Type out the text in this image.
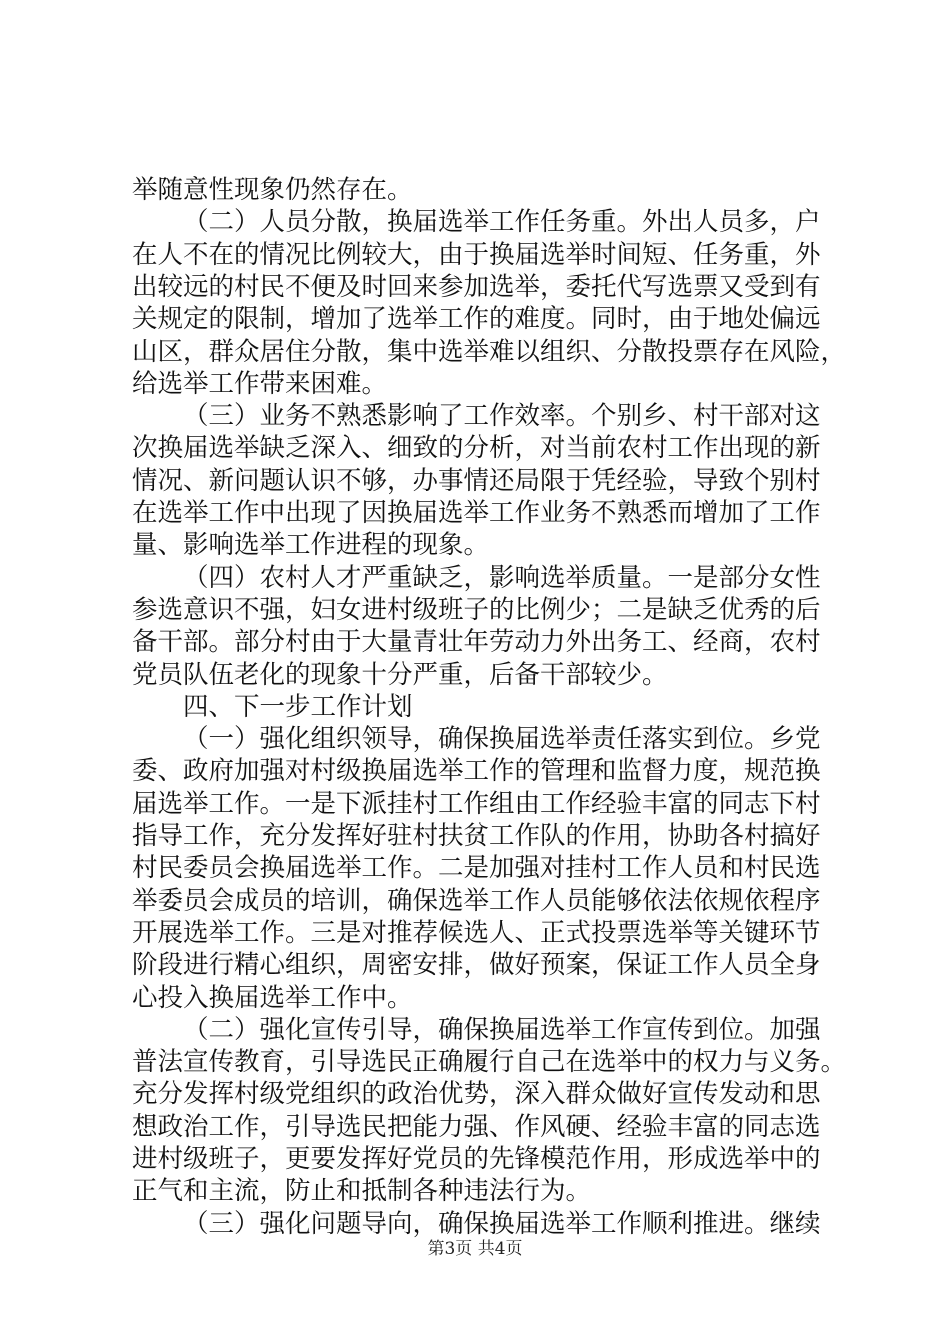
举随意性现象仍然存在。
（二）人员分散，换届选举工作任务重。外出人员多，户
在人不在的情况比例较大，由于换届选举时间短、任务重，外
出较远的村民不便及时回来参加选举，委托代写选票又受到有
关规定的限制，增加了选举工作的难度。同时，由于地处偏远
山区，群众居住分散，集中选举难以组织、分散投票存在风险，
给选举工作带来困难。
（三）业务不熟悉影响了工作效率。个别乡、村干部对这
次换届选举缺乏深入、细致的分析，对当前农村工作出现的新
情况、新问题认识不够，办事情还局限于凭经验，导致个别村
在选举工作中出现了因换届选举工作业务不熟悉而增加了工作
量、影响选举工作进程的现象。
（四）农村人才严重缺乏，影响选举质量。一是部分女性
参选意识不强，妇女进村级班子的比例少；二是缺乏优秀的后
备干部。部分村由于大量青壮年劳动力外出务工、经商，农村
党员队伍老化的现象十分严重，后备干部较少。
四、下一步工作计划
（一）强化组织领导，确保换届选举责任落实到位。乡党
委、政府加强对村级换届选举工作的管理和监督力度，规范换
届选举工作。一是下派挂村工作组由工作经验丰富的同志下村
指导工作，充分发挥好驻村扶贫工作队的作用，协助各村搞好
村民委员会换届选举工作。二是加强对挂村工作人员和村民选
举委员会成员的培训，确保选举工作人员能够依法依规依程序
开展选举工作。三是对推荐候选人、正式投票选举等关键环节
阶段进行精心组织，周密安排，做好预案，保证工作人员全身
心投入换届选举工作中。
（二）强化宣传引导，确保换届选举工作宣传到位。加强
普法宣传教育，引导选民正确履行自己在选举中的权力与义务。
充分发挥村级党组织的政治优势，深入群众做好宣传发动和思
想政治工作，引导选民把能力强、作风硬、经验丰富的同志选
进村级班子，更要发挥好党员的先锋模范作用，形成选举中的
正气和主流，防止和抵制各种违法行为。
（三）强化问题导向，确保换届选举工作顺利推进。继续
第3页 共4页
